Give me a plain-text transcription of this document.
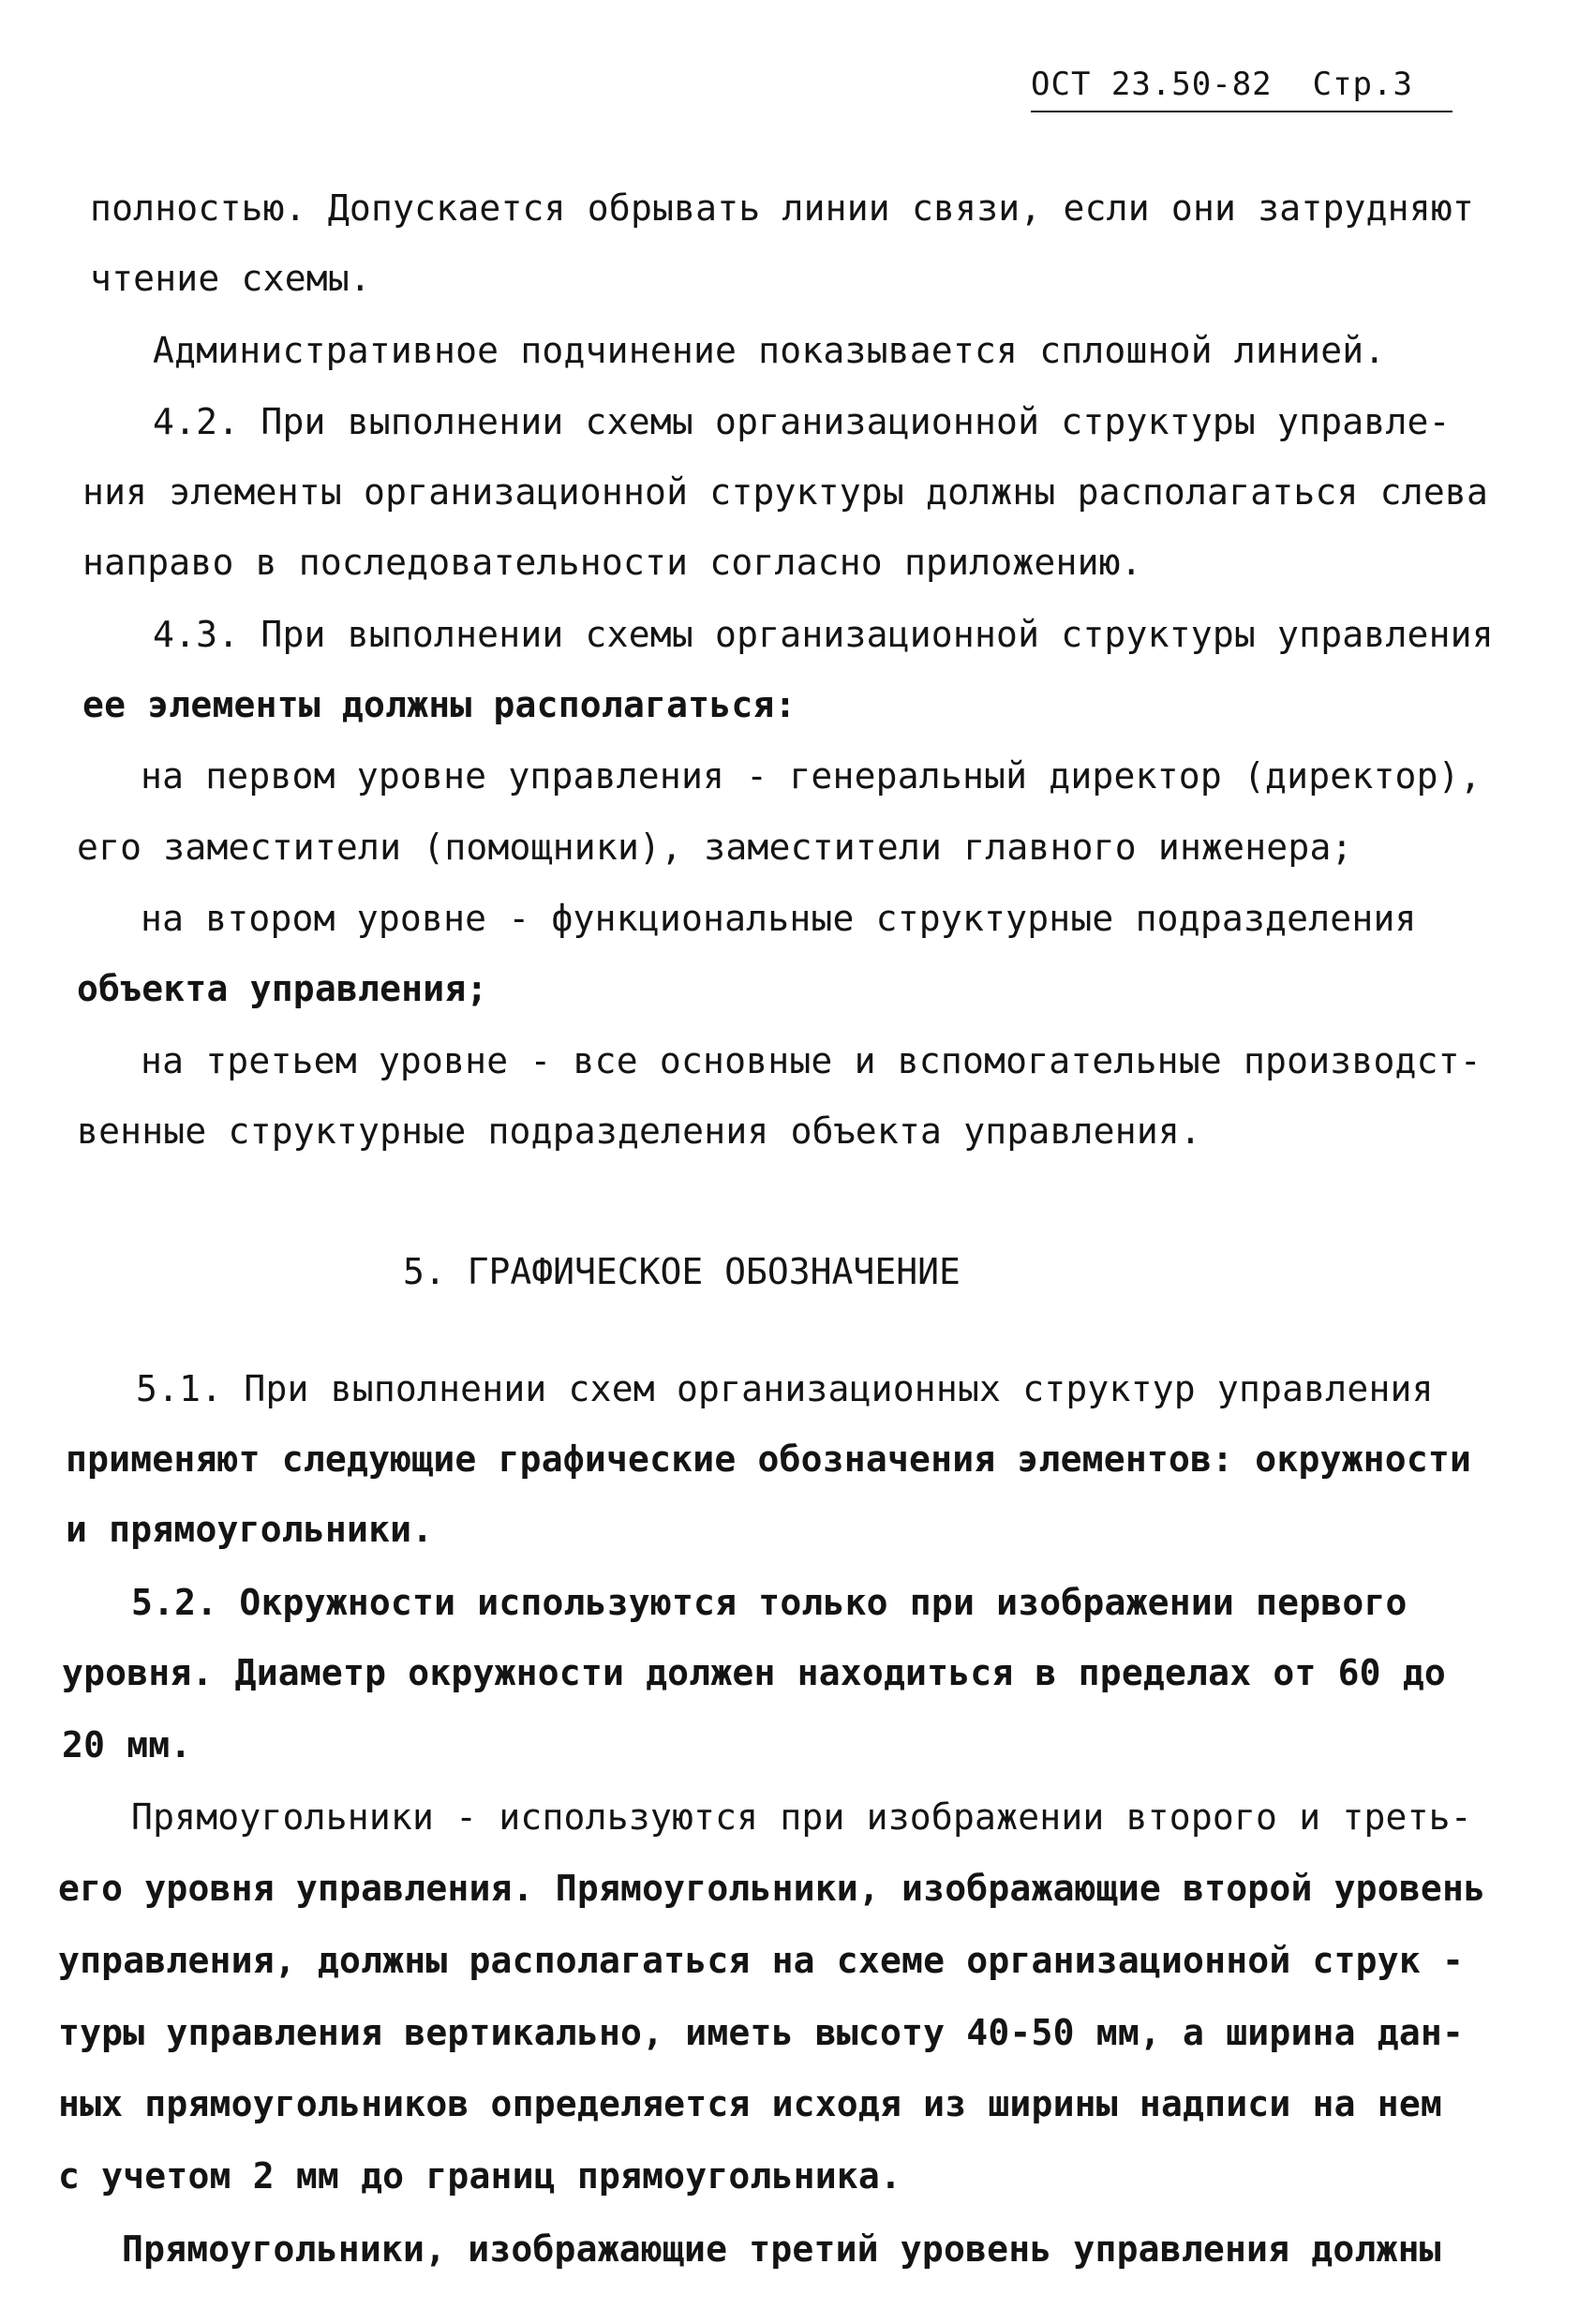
ОСТ 23.50-82 Стр.3
полностью. Допускается обрывать линии связи, если они затрудняют
чтение схемы.
Административное подчинение показывается сплошной линией.
4.2. При выполнении схемы организационной структуры управле-
ния элементы организационной структуры должны располагаться слева
направо в последовательности согласно приложению.
4.3. При выполнении схемы организационной структуры управления
ее элементы должны располагаться:
на первом уровне управления - генеральный директор (директор),
его заместители (помощники), заместители главного инженера;
на втором уровне - функциональные структурные подразделения
объекта управления;
на третьем уровне - все основные и вспомогательные производст-
венные структурные подразделения объекта управления.
5. ГРАФИЧЕСКОЕ ОБОЗНАЧЕНИЕ
5.1. При выполнении схем организационных структур управления
применяют следующие графические обозначения элементов: окружности
и прямоугольники.
5.2. Окружности используются только при изображении первого
уровня. Диаметр окружности должен находиться в пределах от 60 до
20 мм.
Прямоугольники - используются при изображении второго и треть-
его уровня управления. Прямоугольники, изображающие второй уровень
управления, должны располагаться на схеме организационной струк -
туры управления вертикально, иметь высоту 40-50 мм, а ширина дан-
ных прямоугольников определяется исходя из ширины надписи на нем
с учетом 2 мм до границ прямоугольника.
Прямоугольники, изображающие третий уровень управления должны
